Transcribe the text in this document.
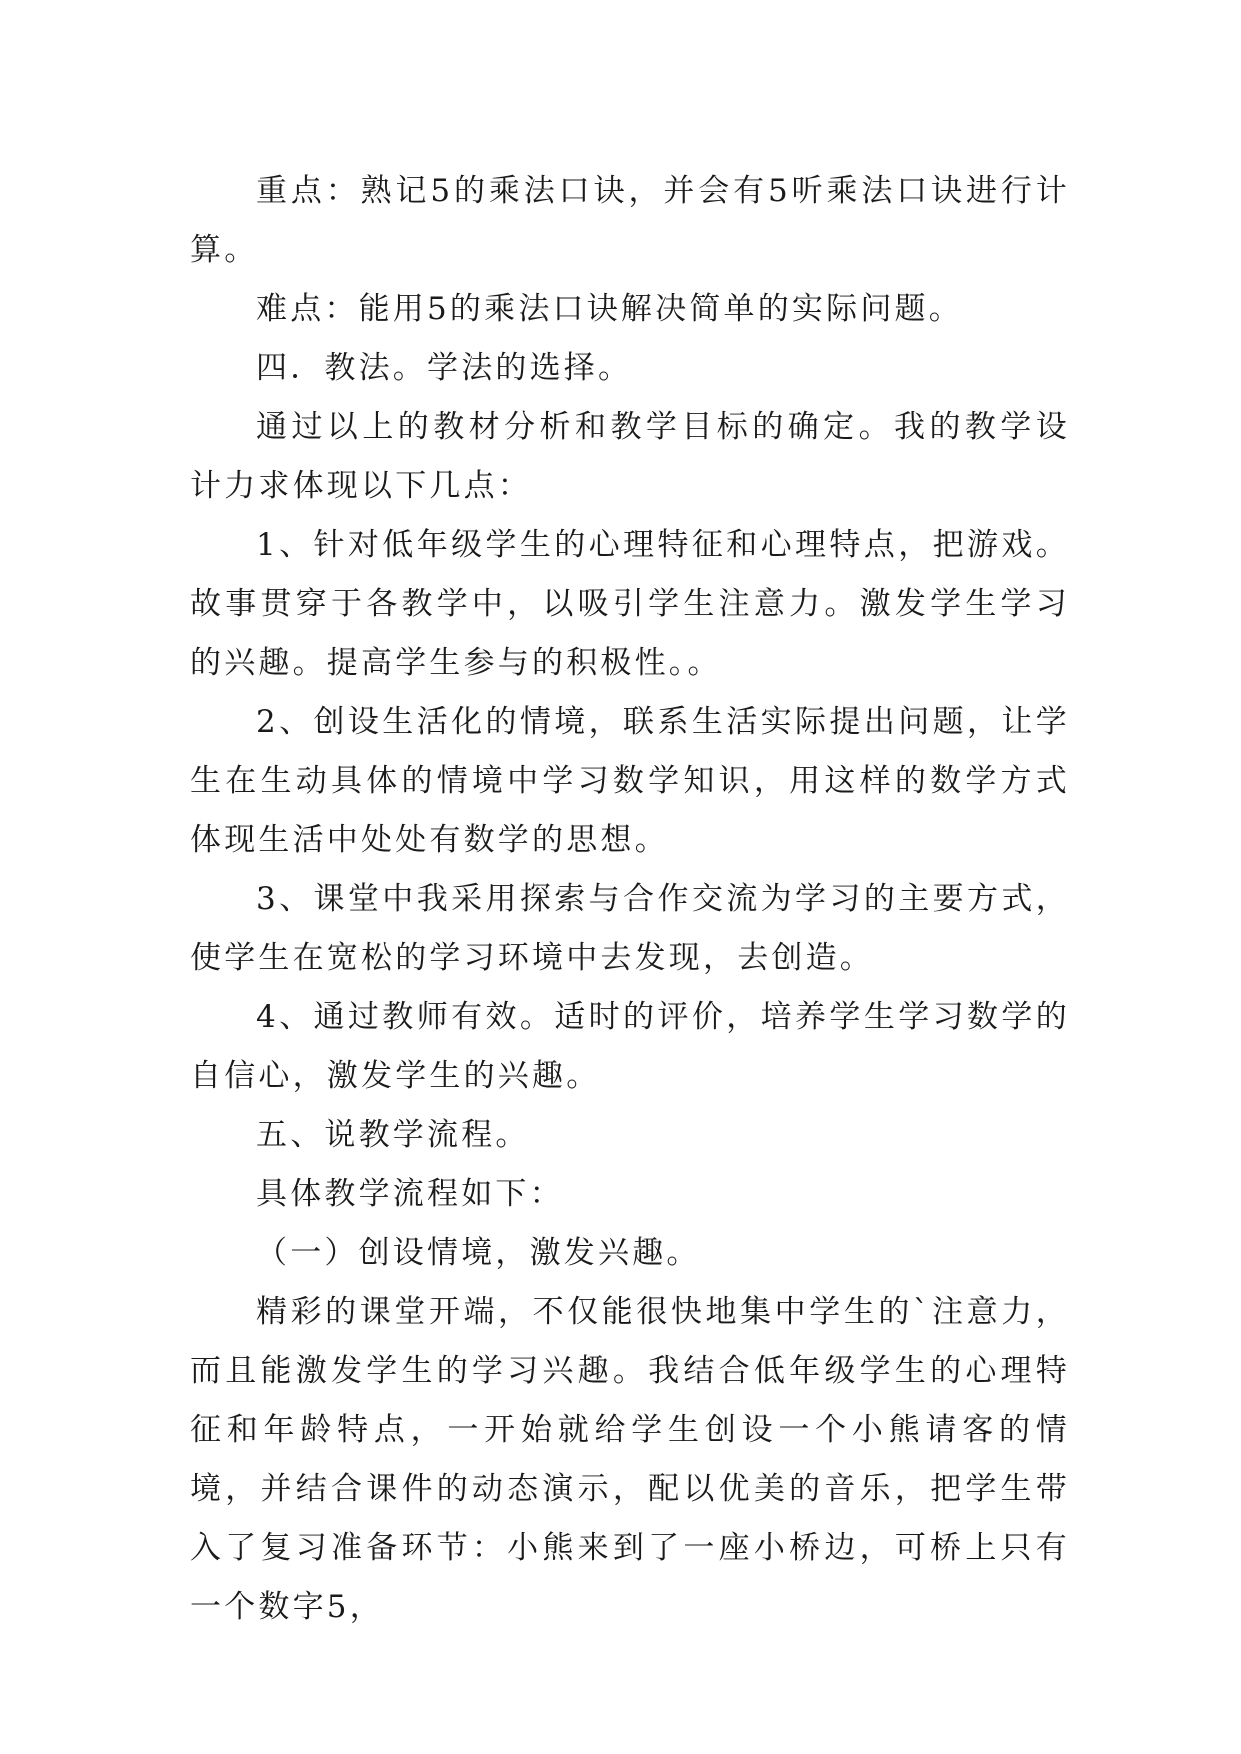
重点：熟记5的乘法口诀，并会有5听乘法口诀进行计算。

难点：能用5的乘法口诀解决简单的实际问题。

四．教法。学法的选择。

通过以上的教材分析和教学目标的确定。我的教学设计力求体现以下几点：

1、针对低年级学生的心理特征和心理特点，把游戏。故事贯穿于各教学中，以吸引学生注意力。激发学生学习的兴趣。提高学生参与的积极性。。

2、创设生活化的情境，联系生活实际提出问题，让学生在生动具体的情境中学习数学知识，用这样的数学方式体现生活中处处有数学的思想。

3、课堂中我采用探索与合作交流为学习的主要方式，使学生在宽松的学习环境中去发现，去创造。

4、通过教师有效。适时的评价，培养学生学习数学的自信心，激发学生的兴趣。

五、说教学流程。

具体教学流程如下：

（一）创设情境，激发兴趣。

精彩的课堂开端，不仅能很快地集中学生的`注意力，而且能激发学生的学习兴趣。我结合低年级学生的心理特征和年龄特点，一开始就给学生创设一个小熊请客的情境，并结合课件的动态演示，配以优美的音乐，把学生带入了复习准备环节：小熊来到了一座小桥边，可桥上只有一个数字5，
